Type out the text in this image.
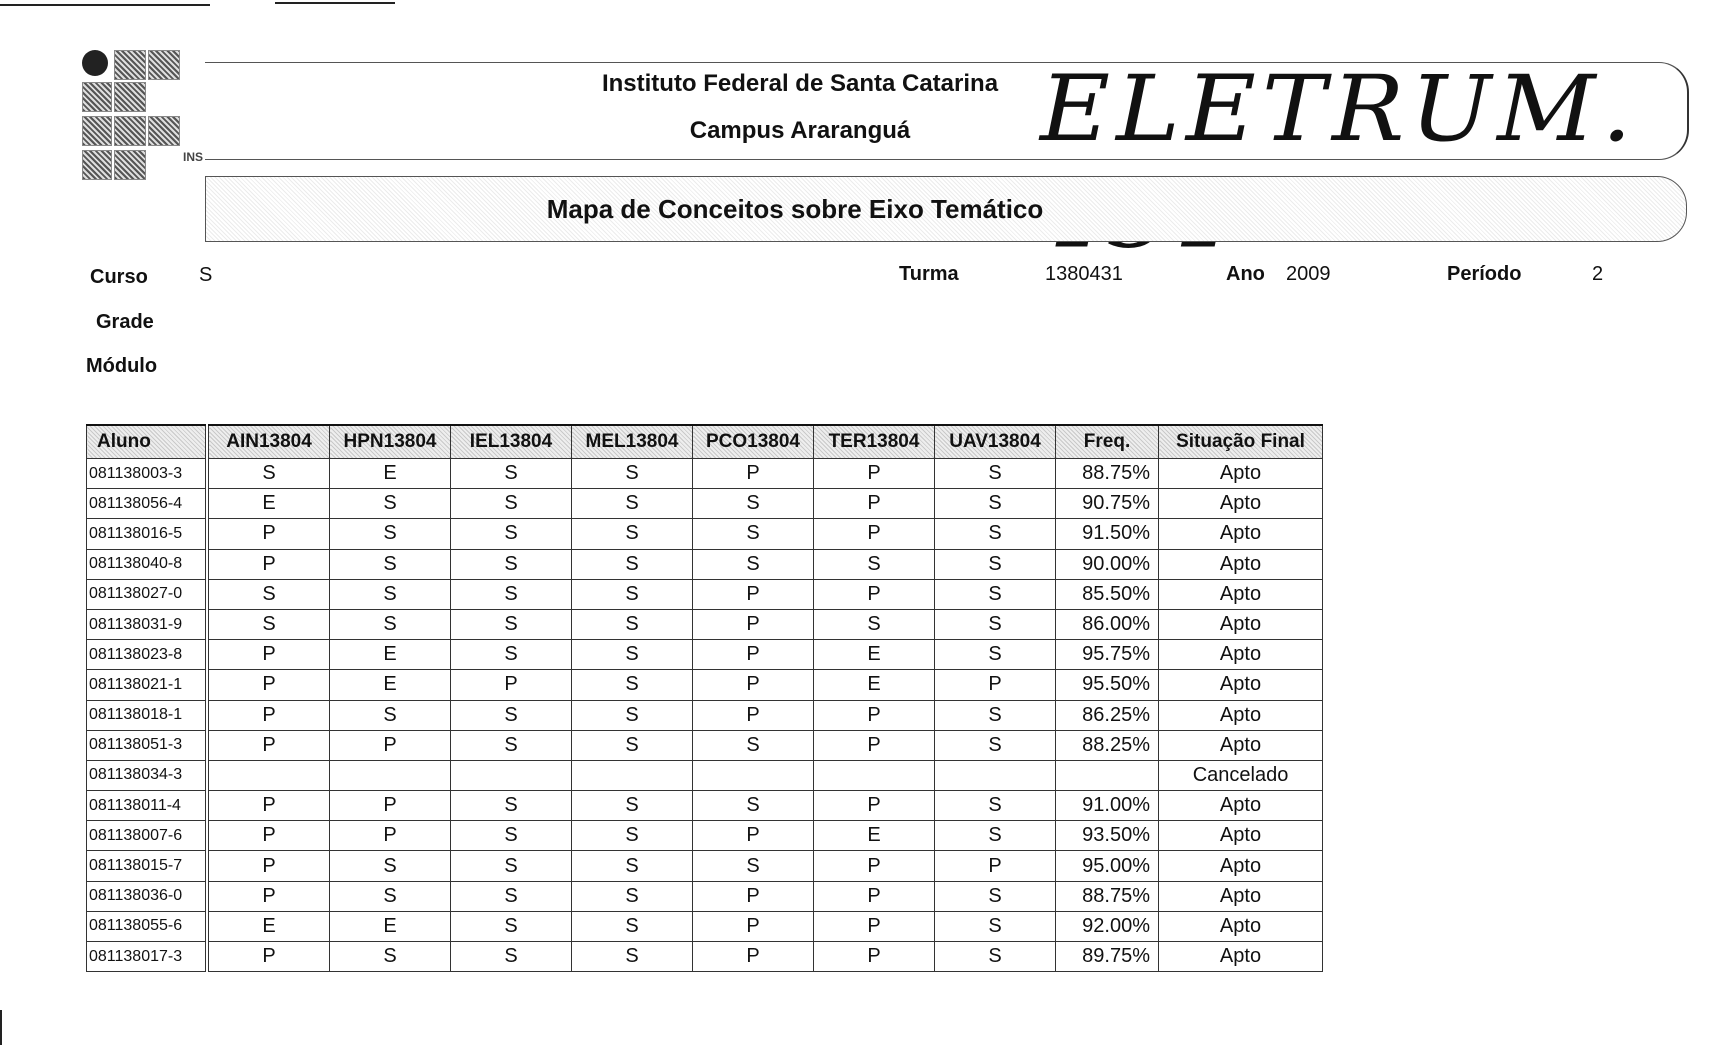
INS
Instituto Federal de Santa Catarina
Campus Araranguá	ELETRUM.
Mapa de Conceitos sobre Eixo Temático
Curso	S
Grade
Módulo
Turma	1380431	Ano 2009	Período	2
Aluno		AIN13804	HPN13804	IEL13804	MEL13804	PCO13804	TER13804	UAV13804	Freq.	Situação Final
081138003-3		S	E	S	S	P	P	S	88.75%	Apto
081138056-4		E	S	S	S	S	P	S	90.75%	Apto
081138016-5		P	S	S	S	S	P	S	91.50%	Apto
081138040-8		P	S	S	S	S	S	S	90.00%	Apto
081138027-0		S	S	S	S	P	P	S	85.50%	Apto
081138031-9		S	S	S	S	P	S	S	86.00%	Apto
081138023-8		P	E	S	S	P	E	S	95.75%	Apto
081138021-1		P	E	P	S	P	E	P	95.50%	Apto
081138018-1		P	S	S	S	P	P	S	86.25%	Apto
081138051-3		P	P	S	S	S	P	S	88.25%	Apto
081138034-3										Cancelado
081138011-4		P	P	S	S	S	P	S	91.00%	Apto
081138007-6		P	P	S	S	P	E	S	93.50%	Apto
081138015-7		P	S	S	S	S	P	P	95.00%	Apto
081138036-0		P	S	S	S	P	P	S	88.75%	Apto
081138055-6		E	E	S	S	P	P	S	92.00%	Apto
081138017-3		P	S	S	S	P	P	S	89.75%	Apto
